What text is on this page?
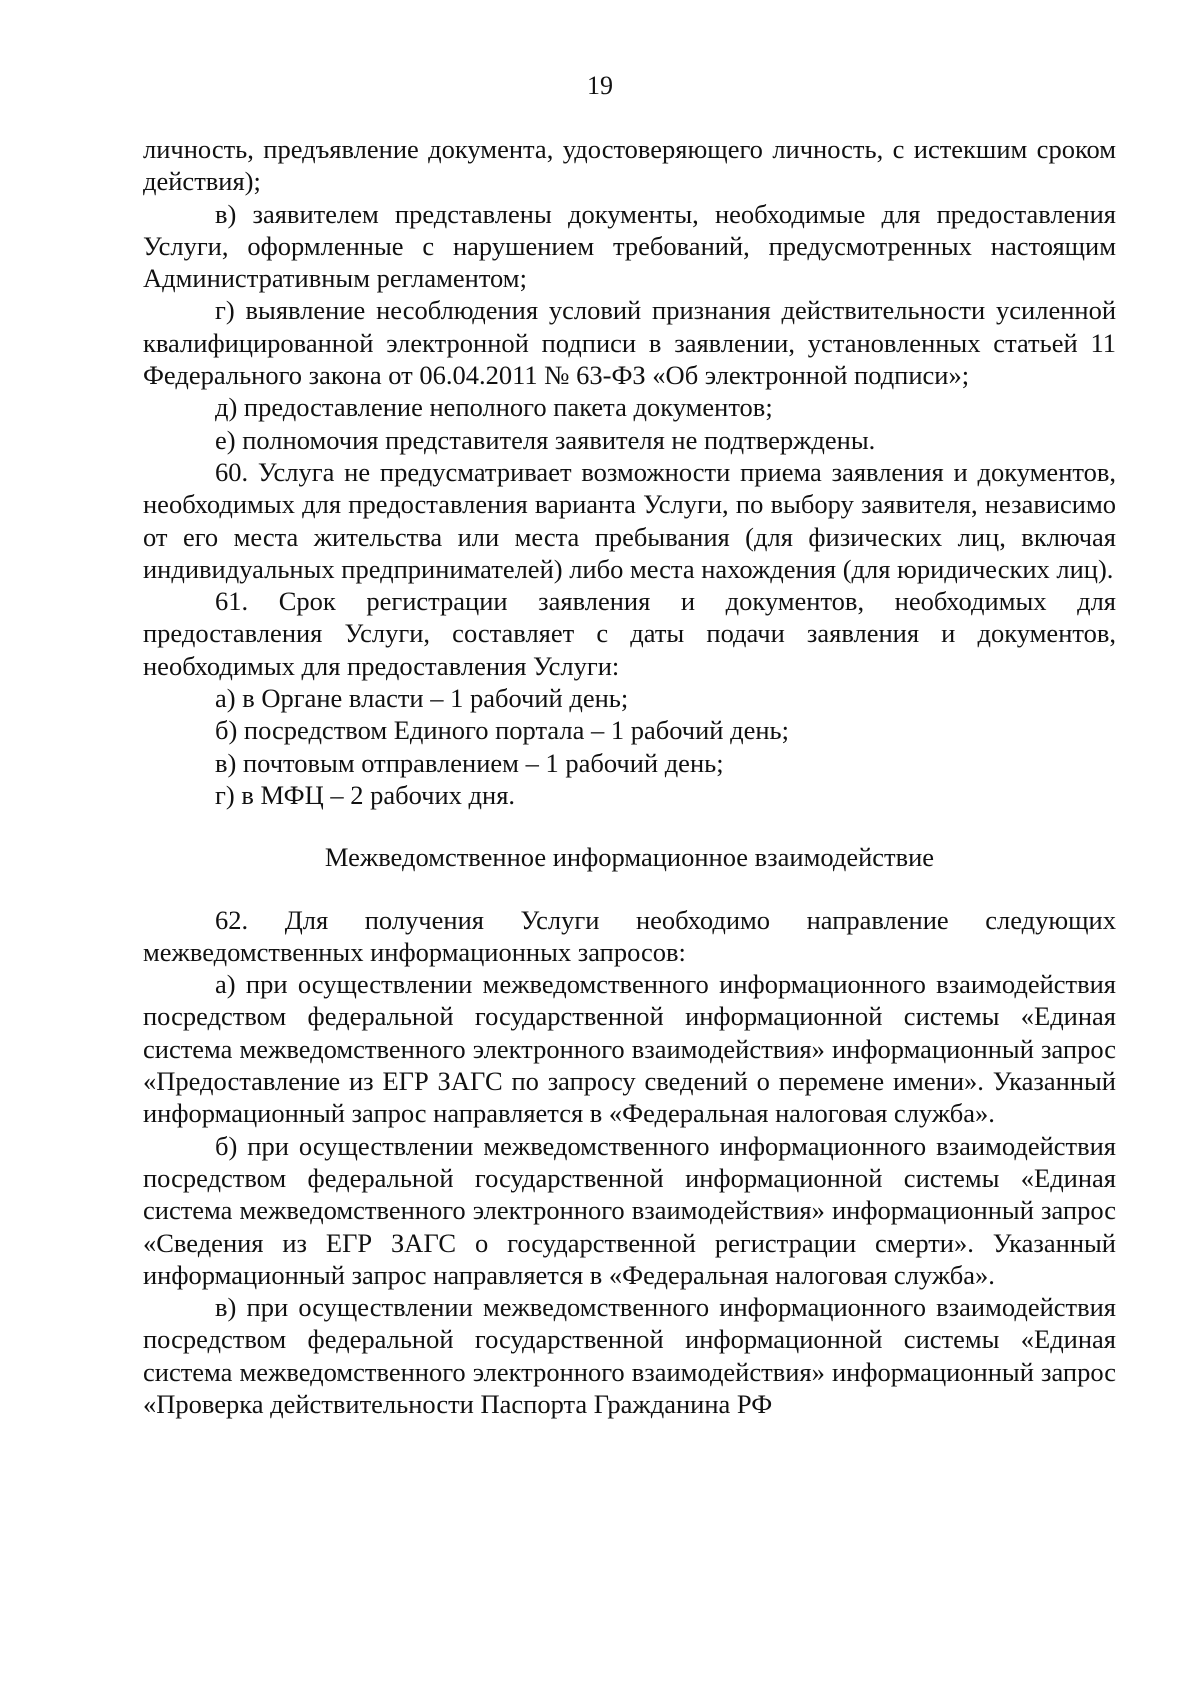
19

личность, предъявление документа, удостоверяющего личность, с истекшим сроком действия);

в) заявителем представлены документы, необходимые для предоставления Услуги, оформленные с нарушением требований, предусмотренных настоящим Административным регламентом;

г) выявление несоблюдения условий признания действительности усиленной квалифицированной электронной подписи в заявлении, установленных статьей 11 Федерального закона от 06.04.2011 № 63-ФЗ «Об электронной подписи»;

д) предоставление неполного пакета документов;

е) полномочия представителя заявителя не подтверждены.

60. Услуга не предусматривает возможности приема заявления и документов, необходимых для предоставления варианта Услуги, по выбору заявителя, независимо от его места жительства или места пребывания (для физических лиц, включая индивидуальных предпринимателей) либо места нахождения (для юридических лиц).

61. Срок регистрации заявления и документов, необходимых для предоставления Услуги, составляет с даты подачи заявления и документов, необходимых для предоставления Услуги:

а) в Органе власти – 1 рабочий день;

б) посредством Единого портала – 1 рабочий день;

в) почтовым отправлением – 1 рабочий день;

г) в МФЦ – 2 рабочих дня.

Межведомственное информационное взаимодействие

62. Для получения Услуги необходимо направление следующих межведомственных информационных запросов:

а) при осуществлении межведомственного информационного взаимодействия посредством федеральной государственной информационной системы «Единая система межведомственного электронного взаимодействия» информационный запрос «Предоставление из ЕГР ЗАГС по запросу сведений о перемене имени». Указанный информационный запрос направляется в «Федеральная налоговая служба».

б) при осуществлении межведомственного информационного взаимодействия посредством федеральной государственной информационной системы «Единая система межведомственного электронного взаимодействия» информационный запрос «Сведения из ЕГР ЗАГС о государственной регистрации смерти». Указанный информационный запрос направляется в «Федеральная налоговая служба».

в) при осуществлении межведомственного информационного взаимодействия посредством федеральной государственной информационной системы «Единая система межведомственного электронного взаимодействия» информационный запрос «Проверка действительности Паспорта Гражданина РФ
